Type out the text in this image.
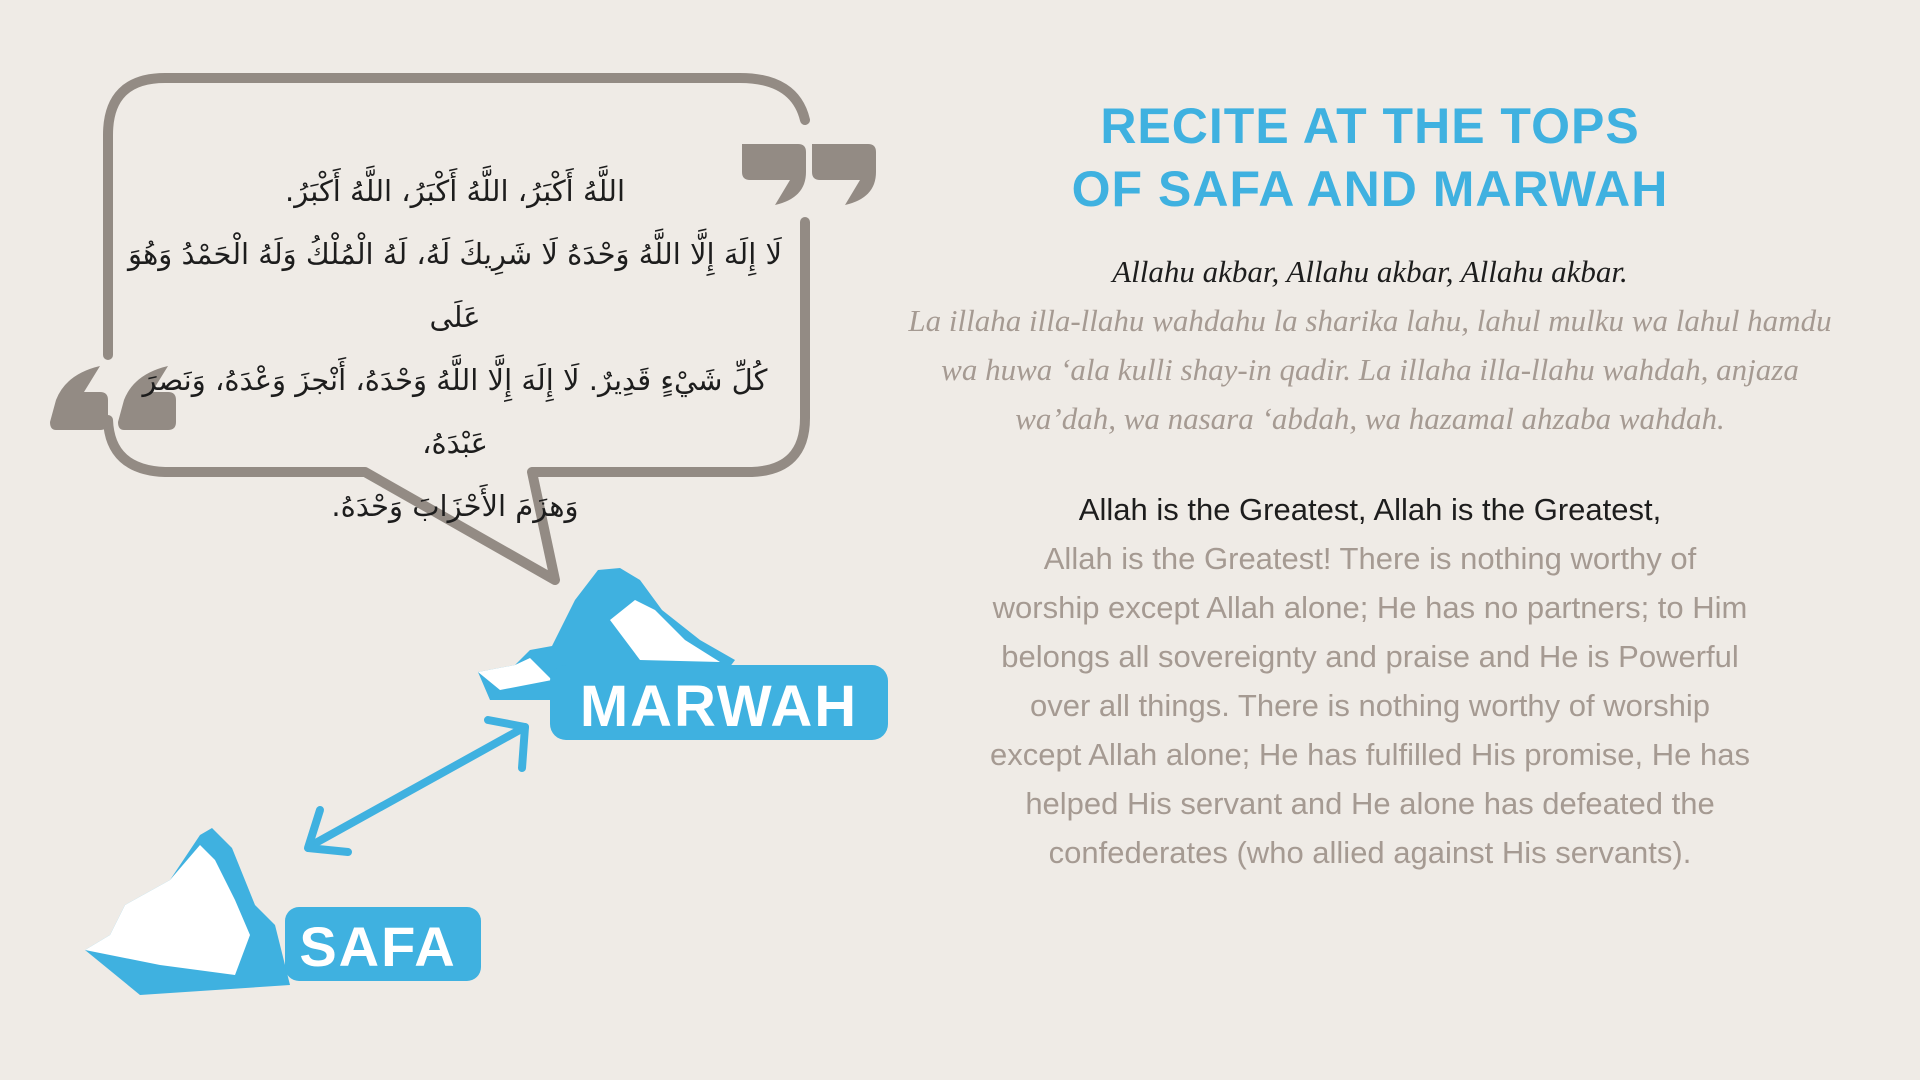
MARWAH
SAFA

اللَّهُ أَكْبَرُ، اللَّهُ أَكْبَرُ، اللَّهُ أَكْبَرُ.

لَا إِلَهَ إِلَّا اللَّهُ وَحْدَهُ لَا شَرِيكَ لَهُ، لَهُ الْمُلْكُ وَلَهُ الْحَمْدُ وَهُوَ عَلَى

كُلِّ شَيْءٍ قَدِيرٌ. لَا إِلَهَ إِلَّا اللَّهُ وَحْدَهُ، أَنْجزَ وَعْدَهُ، وَنَصرَ عَبْدَهُ،

وَهزَمَ الأَحْزَابَ وَحْدَهُ.

RECITE AT THE TOPS
OF SAFA AND MARWAH

Allahu akbar, Allahu akbar, Allahu akbar.
La illaha illa-llahu wahdahu la sharika lahu, lahul mulku wa lahul hamdu wa huwa ‘ala kulli shay-in qadir. La illaha illa-llahu wahdah, anjaza wa’dah, wa nasara ‘abdah, wa hazamal ahzaba wahdah.

Allah is the Greatest, Allah is the Greatest,
Allah is the Greatest! There is nothing worthy of worship except Allah alone; He has no partners; to Him belongs all sovereignty and praise and He is Powerful over all things. There is nothing worthy of worship except Allah alone; He has fulfilled His promise, He has helped His servant and He alone has defeated the confederates (who allied against His servants).
